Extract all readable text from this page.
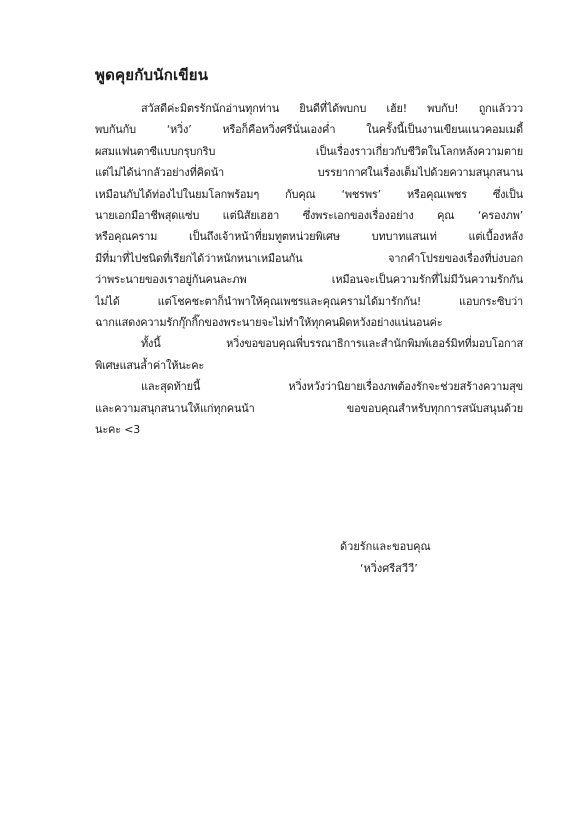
พูดคุยกับนักเขียน

สวัสดีค่ะมิตรรักนักอ่านทุกท่าน ยินดีที่ได้พบกบ เฮ้ย! พบกับ! ถูกแล้ววว
พบกันกับ ‘หวิ่ง’ หรือก็คือหวิ่งศรีนั่นเองค่ำ ในครั้งนี้เป็นงานเขียนแนวคอมเมดี้
ผสมแฟนตาซีแบบกรุบกริบ เป็นเรื่องราวเกี่ยวกับชีวิตในโลกหลังความตาย
แต่ไม่ได้น่ากลัวอย่างที่คิดน้า บรรยากาศในเรื่องเต็มไปด้วยความสนุกสนาน
เหมือนกับได้ท่องไปในยมโลกพร้อมๆ กับคุณ ‘พชรพร’ หรือคุณเพชร ซึ่งเป็น
นายเอกมือาชีพสุดแซ่บ แต่นิสัยเฮฮา ซึ่งพระเอกของเรื่องอย่าง คุณ ‘ครองภพ’
หรือคุณคราม เป็นถึงเจ้าหน้าที่ยมทูตหน่วยพิเศษ บทบาทแสนเท่ แต่เบื้องหลัง
มีที่มาที่ไปชนิดที่เรียกได้ว่าหนักหนาเหมือนกัน จากคำโปรยของเรื่องที่บ่งบอก
ว่าพระนายของเราอยู่กันคนละภพ เหมือนจะเป็นความรักที่ไม่มีวันความรักกัน
ไม่ได้ แต่โชคชะตาก็นำพาให้คุณเพชรและคุณครามได้มารักกัน! แอบกระซิบว่า
ฉากแสดงความรักกุ๊กกิ๊กของพระนายจะไม่ทำให้ทุกคนผิดหวังอย่างแน่นอนค่ะ

ทั้งนี้ หวิ่งขอขอบคุณพี่บรรณาธิการและสำนักพิมพ์เฮอร์มิทที่มอบโอกาส
พิเศษแสนล้ำค่าให้นะคะ

และสุดท้ายนี้ หวิ่งหวังว่านิยายเรื่องภพต้องรักจะช่วยสร้างความสุข
และความสนุกสนานให้แก่ทุกคนน้า ขอขอบคุณสำหรับทุกการสนับสนุนด้วย
นะคะ <3

ด้วยรักและขอบคุณ
‘หวิ่งศรีสวีวี’
